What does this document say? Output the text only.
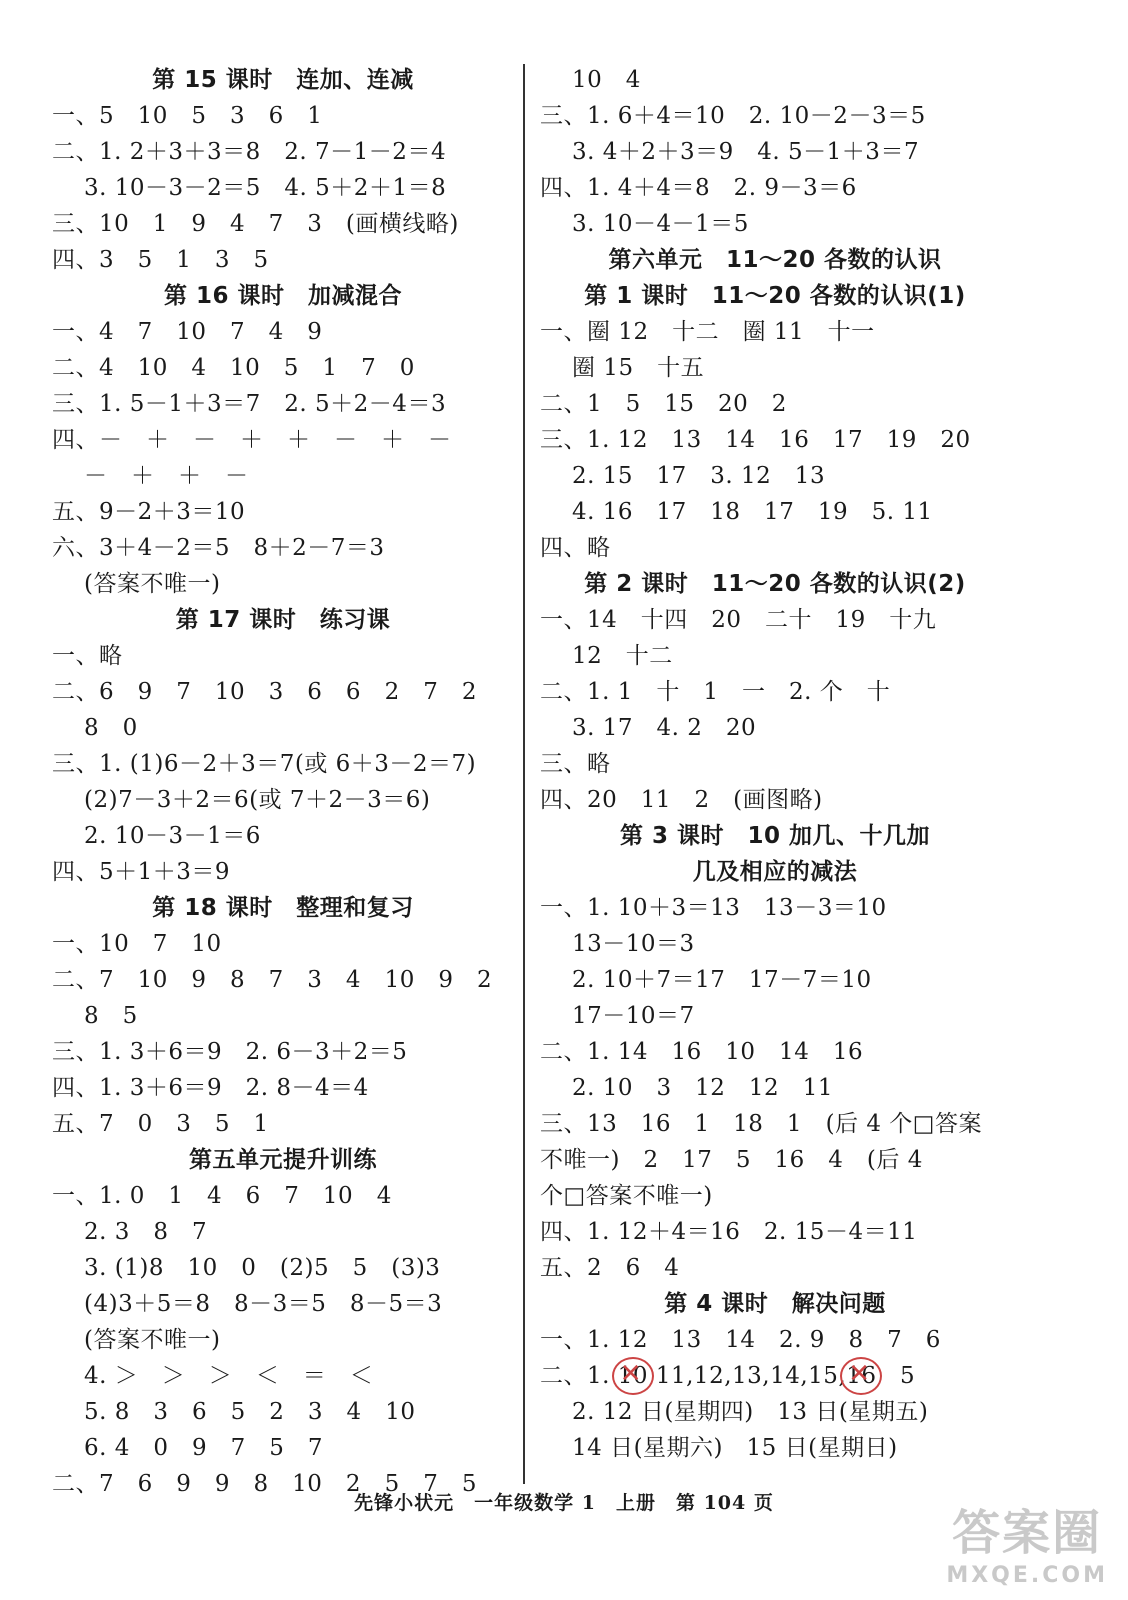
第 15 课时　连加、连减
一、5　10　5　3　6　1
二、1. 2＋3＋3＝8　2. 7－1－2＝4
3. 10－3－2＝5　4. 5＋2＋1＝8
三、10　1　9　4　7　3　(画横线略)
四、3　5　1　3　5
第 16 课时　加减混合
一、4　7　10　7　4　9
二、4　10　4　10　5　1　7　0
三、1. 5－1＋3＝7　2. 5＋2－4＝3
四、－　＋　－　＋　＋　－　＋　－
－　＋　＋　－
五、9－2＋3＝10
六、3＋4－2＝5　8＋2－7＝3
(答案不唯一)
第 17 课时　练习课
一、略
二、6　9　7　10　3　6　6　2　7　2
8　0
三、1. (1)6－2＋3＝7(或 6＋3－2＝7)
(2)7－3＋2＝6(或 7＋2－3＝6)
2. 10－3－1＝6
四、5＋1＋3＝9
第 18 课时　整理和复习
一、10　7　10
二、7　10　9　8　7　3　4　10　9　2
8　5
三、1. 3＋6＝9　2. 6－3＋2＝5
四、1. 3＋6＝9　2. 8－4＝4
五、7　0　3　5　1
第五单元提升训练
一、1. 0　1　4　6　7　10　4
2. 3　8　7
3. (1)8　10　0　(2)5　5　(3)3
(4)3＋5＝8　8－3＝5　8－5＝3
(答案不唯一)
4. ＞　＞　＞　＜　＝　＜
5. 8　3　6　5　2　3　4　10
6. 4　0　9　7　5　7
二、7　6　9　9　8　10　2　5　7　5
10　4
三、1. 6＋4＝10　2. 10－2－3＝5
3. 4＋2＋3＝9　4. 5－1＋3＝7
四、1. 4＋4＝8　2. 9－3＝6
3. 10－4－1＝5
第六单元　11～20 各数的认识
第 1 课时　11～20 各数的认识(1)
一、圈 12　十二　圈 11　十一
圈 15　十五
二、1　5　15　20　2
三、1. 12　13　14　16　17　19　20
2. 15　17　3. 12　13
4. 16　17　18　17　19　5. 11
四、略
第 2 课时　11～20 各数的认识(2)
一、14　十四　20　二十　19　十九
12　十二
二、1. 1　十　1　一　2. 个　十
3. 17　4. 2　20
三、略
四、20　11　2　(画图略)
第 3 课时　10 加几、十几加
几及相应的减法
一、1. 10＋3＝13　13－3＝10
13－10＝3
2. 10＋7＝17　17－7＝10
17－10＝7
二、1. 14　16　10　14　16
2. 10　3　12　12　11
三、13　16　1　18　1　(后 4 个□答案
不唯一)　2　17　5　16　4　(后 4
个□答案不唯一)
四、1. 12＋4＝16　2. 15－4＝11
五、2　6　4
第 4 课时　解决问题
一、1. 12　13　14　2. 9　8　7　6
二、1. 10 ✕ 11,12,13,14,15,16 ✕　5
2. 12 日(星期四)　13 日(星期五)
14 日(星期六)　15 日(星期日)
先锋小状元　一年级数学 1　上册　第 104 页
答案圈
MXQE.COM
